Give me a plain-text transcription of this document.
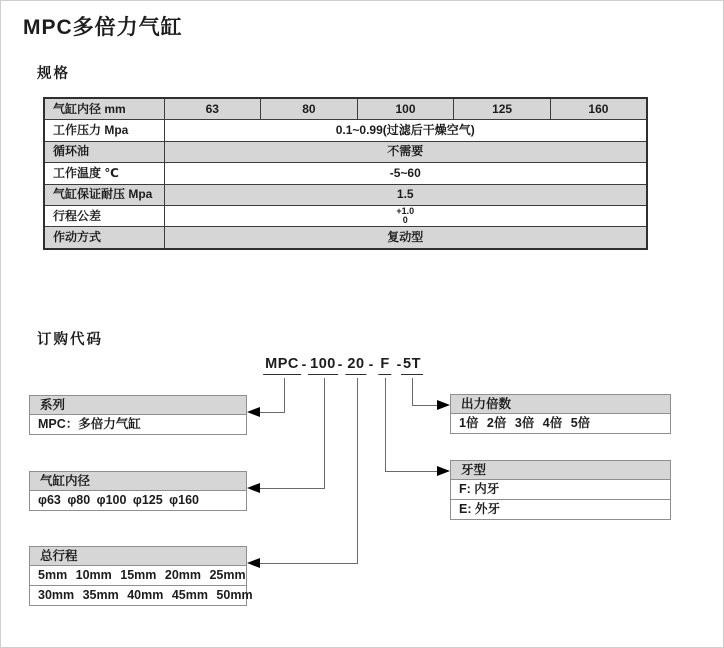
MPC多倍力气缸
规格
气缸内径 mm	63	80	100	125	160
工作压力 Mpa	0.1~0.99(过滤后干燥空气)				
循环油	不需要				
工作温度 ℃	-5~60				
气缸保证耐压 Mpa	1.5				
行程公差	+1.0
0				

作动方式	复动型				
订购代码
MPC - 100 - 20 - F - 5T
系列
MPC：多倍力气缸
气缸内径
φ63 φ80 φ100 φ125 φ160
总行程
5mm 10mm 15mm 20mm 25mm
30mm 35mm 40mm 45mm 50mm
出力倍数
1倍 2倍 3倍 4倍 5倍
牙型
F: 内牙
E: 外牙
